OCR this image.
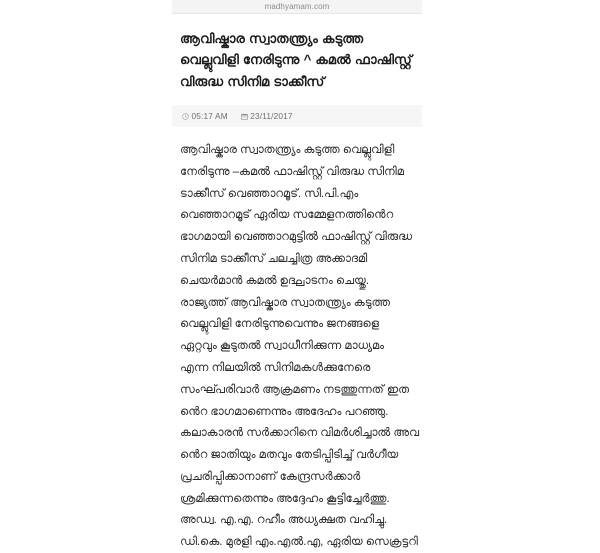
madhyamam.com
ആവിഷ്കാര സ്വാതന്ത്ര്യം കടുത്ത
വെല്ലുവിളി നേരിടുന്നു ^ കമൽ ഫാഷിസ്റ്റ്
വിരുദ്ധ സിനിമ ടാക്കീസ്
05:17 AM	23/11/2017
ആവിഷ്കാര സ്വാതന്ത്ര്യം കടുത്ത വെല്ലുവിളി
നേരിടുന്നു –കമൽ ഫാഷിസ്റ്റ് വിരുദ്ധ സിനിമ
ടാക്കീസ് വെഞ്ഞാറമൂട്. സി.പി.എം
വെഞ്ഞാറമൂട് ഏരിയ സമ്മേളനത്തിൻെറ
ഭാഗമായി വെഞ്ഞാറമുട്ടിൽ ഫാഷിസ്റ്റ് വിരുദ്ധ
സിനിമ ടാക്കീസ് ചലച്ചിത്ര അക്കാദമി
ചെയർമാൻ കമൽ ഉദ്ഘാടനം ചെയ്തു.
രാജ്യത്ത് ആവിഷ്കാര സ്വാതന്ത്ര്യം കടുത്ത
വെല്ലുവിളി നേരിടുന്നുവെന്നും ജനങ്ങളെ
ഏറ്റവും കൂടുതൽ സ്വാധീനിക്കുന്ന മാധ്യമം
എന്ന നിലയിൽ സിനിമകൾക്കുനേരെ
സംഘ്പരിവാർ ആക്രമണം നടത്തുന്നത് ഇത
ൻെറ ഭാഗമാണെന്നും അദേഹം പറഞ്ഞു.
കലാകാരൻ സർക്കാറിനെ വിമർശിച്ചാൽ അവ
ൻെറ ജാതിയും മതവും തേടിപ്പിടിച്ച് വർഗീയ
പ്രചരിപ്പിക്കാനാണ് കേന്ദ്രസർക്കാർ
ശ്രമിക്കുന്നതെന്നും അദ്ദേഹം കൂട്ടിച്ചേർത്തു.
അഡ്വ. എ.എ. റഹീം അധ്യക്ഷത വഹിച്ചു.
ഡി.കെ. മുരളി എം.എൽ.എ, ഏരിയ സെക്രട്ടറി
